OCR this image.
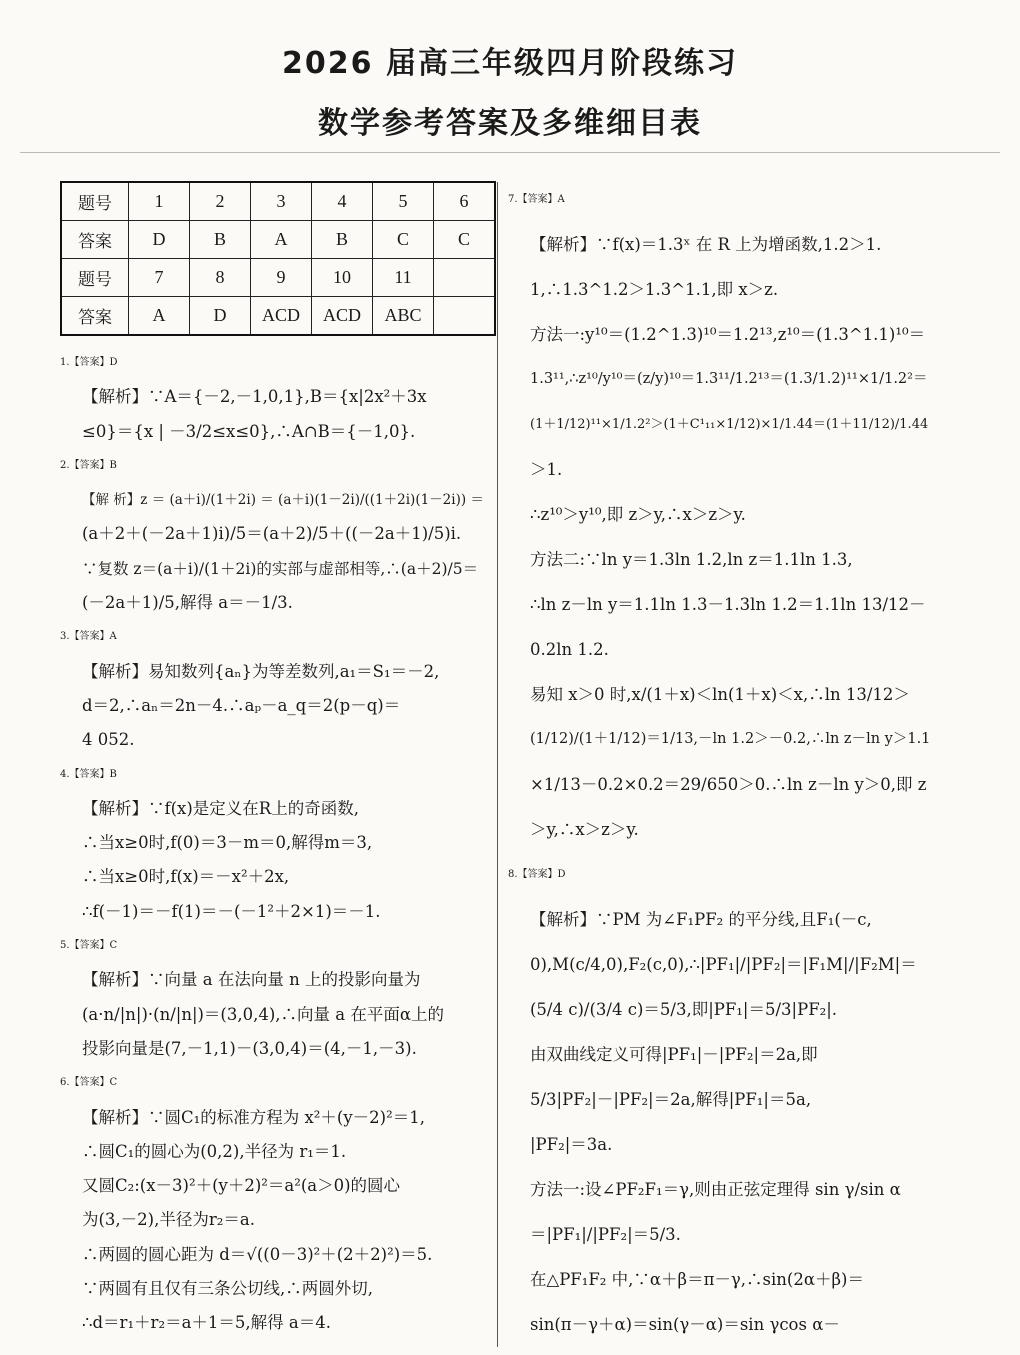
2026 届高三年级四月阶段练习
数学参考答案及多维细目表
题号	1	2	3	4	5	6
答案	D	B	A	B	C	C
题号	7	8	9	10	11	
答案	A	D	ACD	ACD	ABC	

1.【答案】D

【解析】∵A＝{－2,－1,0,1},B＝{x|2x²＋3x

≤0}＝{x | －3/2≤x≤0},∴A∩B＝{－1,0}.

2.【答案】B

【解 析】z ＝ (a＋i)/(1＋2i) ＝ (a＋i)(1－2i)/((1＋2i)(1－2i)) ＝

(a＋2＋(－2a＋1)i)/5＝(a＋2)/5＋((－2a＋1)/5)i.

∵复数 z＝(a＋i)/(1＋2i)的实部与虚部相等,∴(a＋2)/5＝

(－2a＋1)/5,解得 a＝－1/3.

3.【答案】A

【解析】易知数列{aₙ}为等差数列,a₁＝S₁＝－2,

d＝2,∴aₙ＝2n－4.∴aₚ－a_q＝2(p－q)＝

4 052.

4.【答案】B

【解析】∵f(x)是定义在R上的奇函数,

∴当x≥0时,f(0)＝3－m＝0,解得m＝3,

∴当x≥0时,f(x)＝－x²＋2x,

∴f(－1)＝－f(1)＝－(－1²＋2×1)＝－1.

5.【答案】C

【解析】∵向量 a 在法向量 n 上的投影向量为

(a·n/|n|)·(n/|n|)＝(3,0,4),∴向量 a 在平面α上的

投影向量是(7,－1,1)－(3,0,4)＝(4,－1,－3).

6.【答案】C

【解析】∵圆C₁的标准方程为 x²＋(y－2)²＝1,

∴圆C₁的圆心为(0,2),半径为 r₁＝1.

又圆C₂:(x－3)²＋(y＋2)²＝a²(a＞0)的圆心

为(3,－2),半径为r₂＝a.

∴两圆的圆心距为 d＝√((0－3)²＋(2＋2)²)＝5.

∵两圆有且仅有三条公切线,∴两圆外切,

∴d＝r₁＋r₂＝a＋1＝5,解得 a＝4.

7.【答案】A

【解析】∵f(x)＝1.3ˣ 在 R 上为增函数,1.2＞1.

1,∴1.3^1.2＞1.3^1.1,即 x＞z.

方法一:y¹⁰＝(1.2^1.3)¹⁰＝1.2¹³,z¹⁰＝(1.3^1.1)¹⁰＝

1.3¹¹,∴z¹⁰/y¹⁰＝(z/y)¹⁰＝1.3¹¹/1.2¹³＝(1.3/1.2)¹¹×1/1.2²＝

(1＋1/12)¹¹×1/1.2²＞(1＋C¹₁₁×1/12)×1/1.44＝(1＋11/12)/1.44

＞1.

∴z¹⁰＞y¹⁰,即 z＞y,∴x＞z＞y.

方法二:∵ln y＝1.3ln 1.2,ln z＝1.1ln 1.3,

∴ln z－ln y＝1.1ln 1.3－1.3ln 1.2＝1.1ln 13/12－

0.2ln 1.2.

易知 x＞0 时,x/(1＋x)＜ln(1＋x)＜x,∴ln 13/12＞

(1/12)/(1＋1/12)＝1/13,－ln 1.2＞－0.2,∴ln z－ln y＞1.1

×1/13－0.2×0.2＝29/650＞0.∴ln z－ln y＞0,即 z

＞y,∴x＞z＞y.

8.【答案】D

【解析】∵PM 为∠F₁PF₂ 的平分线,且F₁(－c,

0),M(c/4,0),F₂(c,0),∴|PF₁|/|PF₂|＝|F₁M|/|F₂M|＝

(5/4 c)/(3/4 c)＝5/3,即|PF₁|＝5/3|PF₂|.

由双曲线定义可得|PF₁|－|PF₂|＝2a,即

5/3|PF₂|－|PF₂|＝2a,解得|PF₁|＝5a,

|PF₂|＝3a.

方法一:设∠PF₂F₁＝γ,则由正弦定理得 sin γ/sin α

＝|PF₁|/|PF₂|＝5/3.

在△PF₁F₂ 中,∵α＋β＝π－γ,∴sin(2α＋β)＝

sin(π－γ＋α)＝sin(γ－α)＝sin γcos α－
